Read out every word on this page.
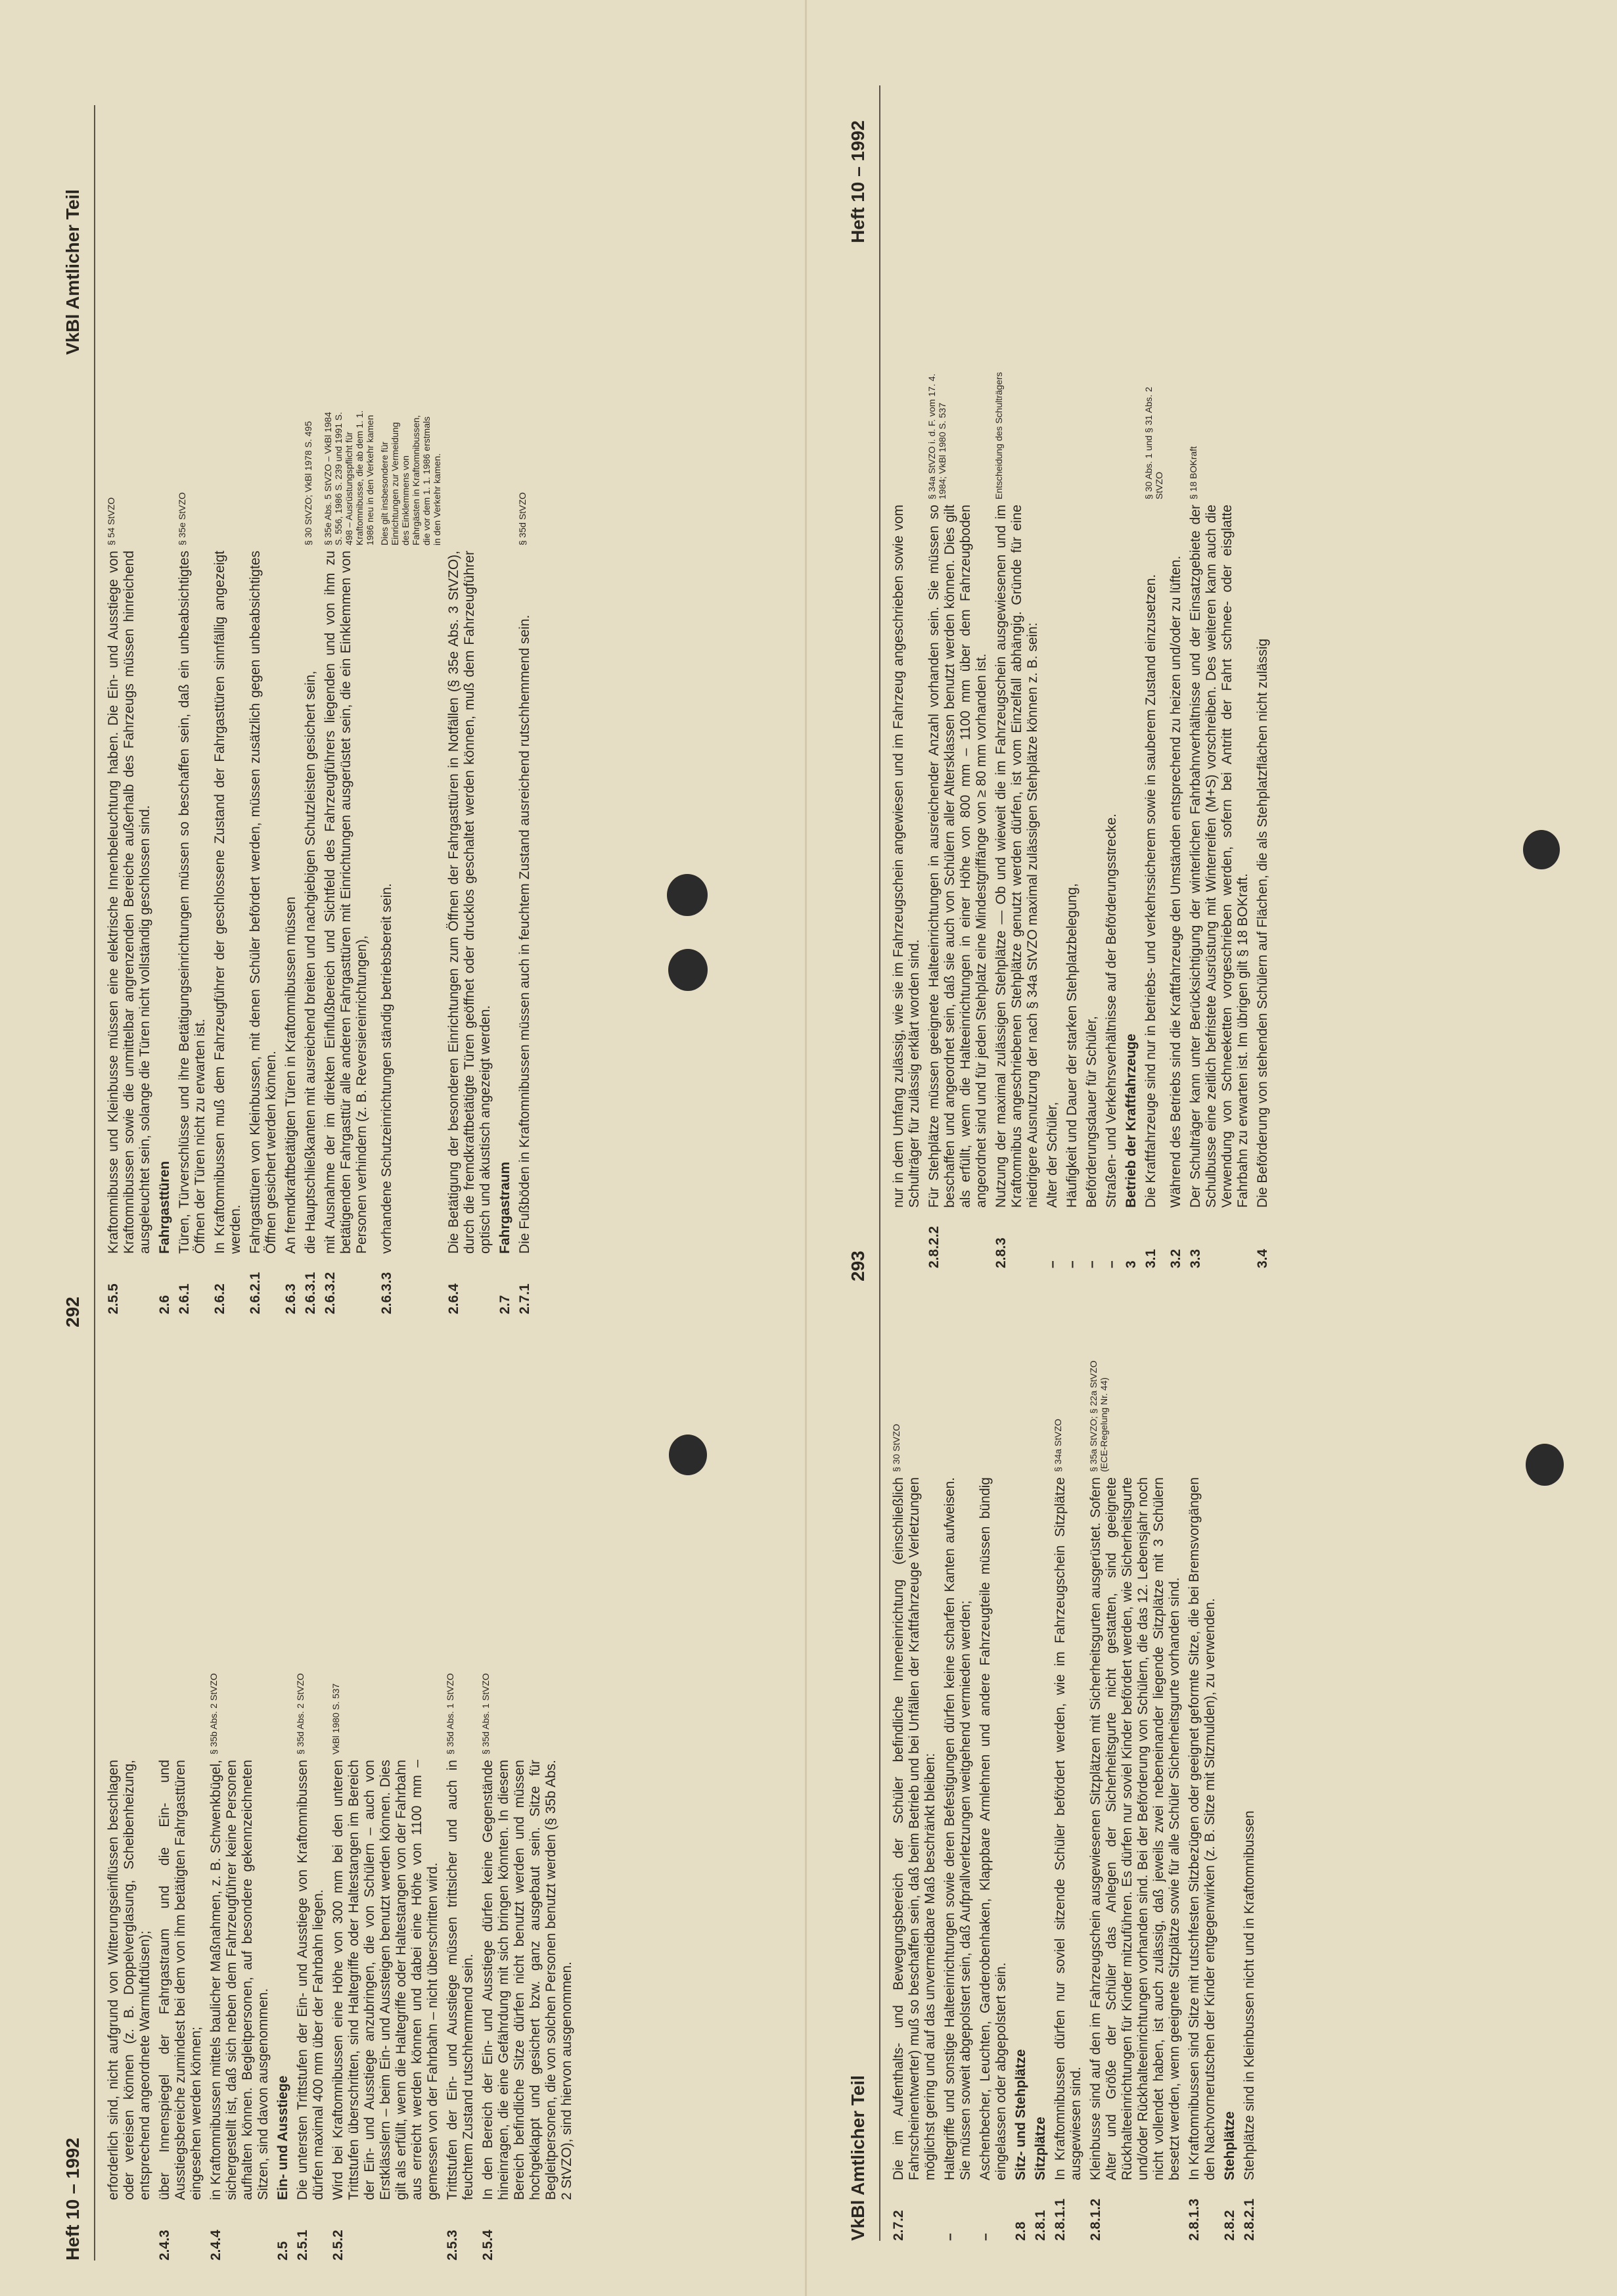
Heft 10 – 1992
292
VkBl Amtlicher Teil
erforderlich sind, nicht aufgrund von Witterungseinflüssen beschlagen oder vereisen können (z. B. Doppelverglasung, Scheibenheizung, entsprechend angeordnete Warmluftdüsen);
2.4.3
über Innenspiegel der Fahrgastraum und die Ein- und Ausstiegsbereiche zumindest bei dem von ihm betätigten Fahrgasttüren eingesehen werden können;
2.4.4
in Kraftomnibussen mittels baulicher Maßnahmen, z. B. Schwenkbügel, sichergestellt ist, daß sich neben dem Fahrzeugführer keine Personen aufhalten können. Begleitpersonen, auf besondere gekennzeichneten Sitzen, sind davon ausgenommen.
§ 35b Abs. 2 StVZO
2.5
Ein- und Ausstiege
2.5.1
Die untersten Trittstufen der Ein- und Ausstiege von Kraftomnibussen dürfen maximal 400 mm über der Fahrbahn liegen.
§ 35d Abs. 2 StVZO
2.5.2
Wird bei Kraftomnibussen eine Höhe von 300 mm bei den unteren Trittstufen überschritten, sind Haltegriffe oder Haltestangen im Bereich der Ein- und Ausstiege anzubringen, die von Schülern – auch von Erstklässlern – beim Ein- und Aussteigen benutzt werden können. Dies gilt als erfüllt, wenn die Haltegriffe oder Haltestangen von der Fahrbahn aus erreicht werden können und dabei eine Höhe von 1100 mm – gemessen von der Fahrbahn – nicht überschritten wird.
VkBl 1980 S. 537
2.5.3
Trittstufen der Ein- und Ausstiege müssen trittsicher und auch in feuchtem Zustand rutschhemmend sein.
§ 35d Abs. 1 StVZO
2.5.4
In den Bereich der Ein- und Ausstiege dürfen keine Gegenstände hineinragen, die eine Gefährdung mit sich bringen könnten. In diesem Bereich befindliche Sitze dürfen nicht benutzt werden und müssen hochgeklappt und gesichert bzw. ganz ausgebaut sein. Sitze für Begleitpersonen, die von solchen Personen benutzt werden (§ 35b Abs. 2 StVZO), sind hiervon ausgenommen.
§ 35d Abs. 1 StVZO
2.5.5
Kraftomnibusse und Kleinbusse müssen eine elektrische Innenbeleuchtung haben. Die Ein- und Ausstiege von Kraftomnibussen sowie die unmittelbar angrenzenden Bereiche außerhalb des Fahrzeugs müssen hinreichend ausgeleuchtet sein, solange die Türen nicht vollständig geschlossen sind.
§ 54 StVZO
2.6
Fahrgasttüren
2.6.1
Türen, Türverschlüsse und ihre Betätigungseinrichtungen müssen so beschaffen sein, daß ein unbeabsichtigtes Öffnen der Türen nicht zu erwarten ist.
§ 35e StVZO
2.6.2
In Kraftomnibussen muß dem Fahrzeugführer der geschlossene Zustand der Fahrgasttüren sinnfällig angezeigt werden.
2.6.2.1
Fahrgasttüren von Kleinbussen, mit denen Schüler befördert werden, müssen zusätzlich gegen unbeabsichtigtes Öffnen gesichert werden können.
2.6.3
An fremdkraftbetätigten Türen in Kraftomnibussen müssen
2.6.3.1
die Hauptschließkanten mit ausreichend breiten und nachgiebigen Schutzleisten gesichert sein,
§ 30 StVZO; VkBl 1978 S. 495
2.6.3.2
mit Ausnahme der im direkten Einflußbereich und Sichtfeld des Fahrzeugführers liegenden und von ihm zu betätigenden Fahrgasttür alle anderen Fahrgasttüren mit Einrichtungen ausgerüstet sein, die ein Einklemmen von Personen verhindern (z. B. Reversiereinrichtungen),
§ 35e Abs. 5 StVZO – VkBl 1984 S. 556, 1986 S. 239 und 1991 S. 498 – Ausrüstungspflicht für Kraftomnibusse, die ab dem 1. 1. 1986 neu in den Verkehr kamen
2.6.3.3
vorhandene Schutzeinrichtungen ständig betriebsbereit sein.
Dies gilt insbesondere für Einrichtungen zur Vermeidung des Einklemmens von Fahrgästen in Kraftomnibussen, die vor dem 1. 1. 1986 erstmals in den Verkehr kamen.
2.6.4
Die Betätigung der besonderen Einrichtungen zum Öffnen der Fahrgasttüren in Notfällen (§ 35e Abs. 3 StVZO), durch die fremdkraftbetätigte Türen geöffnet oder drucklos geschaltet werden können, muß dem Fahrzeugführer optisch und akustisch angezeigt werden.
2.7
Fahrgastraum
2.7.1
Die Fußböden in Kraftomnibussen müssen auch in feuchtem Zustand ausreichend rutschhemmend sein.
§ 35d StVZO
VkBl Amtlicher Teil
293
Heft 10 – 1992
2.7.2
Die im Aufenthalts- und Bewegungsbereich der Schüler befindliche Inneneinrichtung (einschließlich Fahrscheinentwerter) muß so beschaffen sein, daß beim Betrieb und bei Unfällen der Kraftfahrzeuge Verletzungen möglichst gering und auf das unvermeidbare Maß beschränkt bleiben:
§ 30 StVZO
–
Haltegriffe und sonstige Halteeinrichtungen sowie deren Befestigungen dürfen keine scharfen Kanten aufweisen. Sie müssen soweit abgepolstert sein, daß Aufprallverletzungen weitgehend vermieden werden;
–
Aschenbecher, Leuchten, Garderobenhaken, Klappbare Armlehnen und andere Fahrzeugteile müssen bündig eingelassen oder abgepolstert sein.
2.8
Sitz- und Stehplätze
2.8.1
Sitzplätze
2.8.1.1
In Kraftomnibussen dürfen nur soviel sitzende Schüler befördert werden, wie im Fahrzeugschein Sitzplätze ausgewiesen sind.
§ 34a StVZO
2.8.1.2
Kleinbusse sind auf den im Fahrzeugschein ausgewiesenen Sitzplätzen mit Sicherheitsgurten ausgerüstet. Sofern Alter und Größe der Schüler das Anlegen der Sicherheitsgurte nicht gestatten, sind geeignete Rückhalteeinrichtungen für Kinder mitzuführen. Es dürfen nur soviel Kinder befördert werden, wie Sicherheitsgurte und/oder Rückhalteeinrichtungen vorhanden sind. Bei der Beförderung von Schülern, die das 12. Lebensjahr noch nicht vollendet haben, ist auch zulässig, daß jeweils zwei nebeneinander liegende Sitzplätze mit 3 Schülern besetzt werden, wenn geeignete Sitzplätze sowie für alle Schüler Sicherheitsgurte vorhanden sind.
§ 35a StVZO; § 22a StVZO (ECE-Regelung Nr. 44)
2.8.1.3
In Kraftomnibussen sind Sitze mit rutschfesten Sitzbezügen oder geeignet geformte Sitze, die bei Bremsvorgängen den Nachvornerutschen der Kinder entgegenwirken (z. B. Sitze mit Sitzmulden), zu verwenden.
2.8.2
Stehplätze
2.8.2.1
Stehplätze sind in Kleinbussen nicht und in Kraftomnibussen
nur in dem Umfang zulässig, wie sie im Fahrzeugschein angewiesen und im Fahrzeug angeschrieben sowie vom Schulträger für zulässig erklärt worden sind.
2.8.2.2
Für Stehplätze müssen geeignete Halteeinrichtungen in ausreichender Anzahl vorhanden sein. Sie müssen so beschaffen und angeordnet sein, daß sie auch von Schülern aller Altersklassen benutzt werden können. Dies gilt als erfüllt, wenn die Halteeinrichtungen in einer Höhe von 800 mm – 1100 mm über dem Fahrzeugboden angeordnet sind und für jeden Stehplatz eine Mindestgriffänge von ≥ 80 mm vorhanden ist.
§ 34a StVZO i. d. F. vom 17. 4. 1984; VkBl 1980 S. 537
2.8.3
Nutzung der maximal zulässigen Stehplätze — Ob und wieweit die im Fahrzeugschein ausgewiesenen und im Kraftomnibus angeschriebenen Stehplätze genutzt werden dürfen, ist vom Einzelfall abhängig. Gründe für eine niedrigere Ausnutzung der nach § 34a StVZO maximal zulässigen Stehplätze können z. B. sein:
Entscheidung des Schulträgers
–
Alter der Schüler,
–
Häufigkeit und Dauer der starken Stehplatzbelegung,
–
Beförderungsdauer für Schüler,
–
Straßen- und Verkehrsverhältnisse auf der Beförderungsstrecke.
3
Betrieb der Kraftfahrzeuge
3.1
Die Kraftfahrzeuge sind nur in betriebs- und verkehrssicherem sowie in sauberem Zustand einzusetzen.
§ 30 Abs. 1 und § 31 Abs. 2 StVZO
3.2
Während des Betriebs sind die Kraftfahrzeuge den Umständen entsprechend zu heizen und/oder zu lüften.
3.3
Der Schulträger kann unter Berücksichtigung der winterlichen Fahrbahnverhältnisse und der Einsatzgebiete der Schulbusse eine zeitlich befristete Ausrüstung mit Winterreifen (M+S) vorschreiben. Des weiteren kann auch die Verwendung von Schneeketten vorgeschrieben werden, sofern bei Antritt der Fahrt schnee- oder eisglatte Fahrbahn zu erwarten ist. Im übrigen gilt § 18 BOKraft.
§ 18 BOKraft
3.4
Die Beförderung von stehenden Schülern auf Flächen, die als Stehplatzflächen nicht zulässig
